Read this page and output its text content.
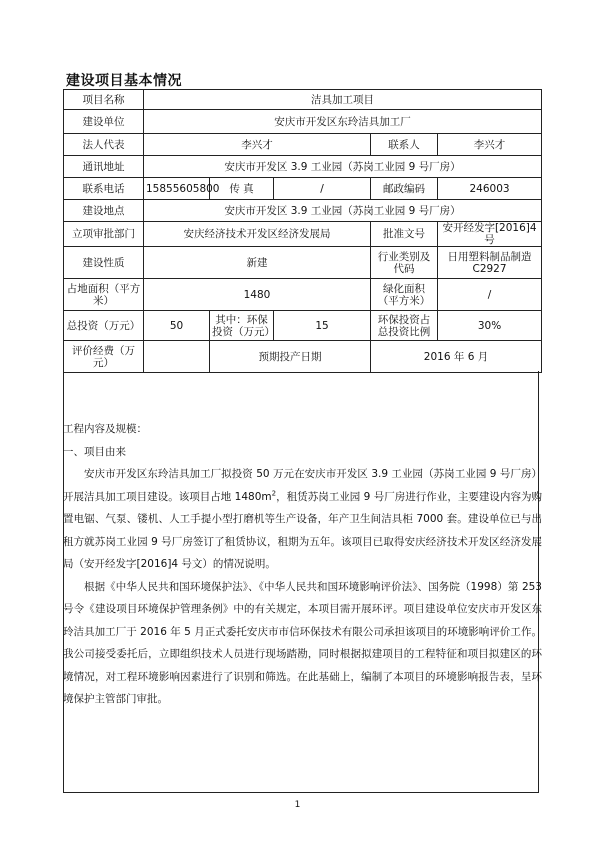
建设项目基本情况
项目名称	洁具加工项目				
建设单位	安庆市开发区东玲洁具加工厂				
法人代表	李兴才			联系人	李兴才
通讯地址	安庆市开发区 3.9 工业园（苏岗工业园 9 号厂房）				
联系电话	15855605800	传 真	/	邮政编码	246003
建设地点	安庆市开发区 3.9 工业园（苏岗工业园 9 号厂房）				
立项审批部门	安庆经济技术开发区经济发展局			批准文号	安开经发字[2016]4 号
建设性质	新建			行业类别及代码	日用塑料制品制造 C2927
占地面积（平方米）	1480			绿化面积（平方米）	/
总投资（万元）	50	其中：环保投资（万元）	15	环保投资占总投资比例	30%
评价经费（万元）		预期投产日期		2016 年 6 月	

工程内容及规模：

一、项目由来

安庆市开发区东玲洁具加工厂拟投资 50 万元在安庆市开发区 3.9 工业园（苏岗工业园 9 号厂房）开展洁具加工项目建设。该项目占地 $1480m^2$，租赁苏岗工业园 9 号厂房进行作业，主要建设内容为购置电锯、气泵、镂机、人工手提小型打磨机等生产设备，年产卫生间洁具柜 7000 套。建设单位已与出租方就苏岗工业园 9 号厂房签订了租赁协议，租期为五年。该项目已取得安庆经济技术开发区经济发展局（安开经发字[2016]4 号文）的情况说明。

根据《中华人民共和国环境保护法》、《中华人民共和国环境影响评价法》、国务院（1998）第 253 号令《建设项目环境保护管理条例》中的有关规定，本项目需开展环评。项目建设单位安庆市开发区东玲洁具加工厂于 2016 年 5 月正式委托安庆市市信环保技术有限公司承担该项目的环境影响评价工作。我公司接受委托后，立即组织技术人员进行现场踏勘，同时根据拟建项目的工程特征和项目拟建区的环境情况，对工程环境影响因素进行了识别和筛选。在此基础上，编制了本项目的环境影响报告表，呈环境保护主管部门审批。

1
